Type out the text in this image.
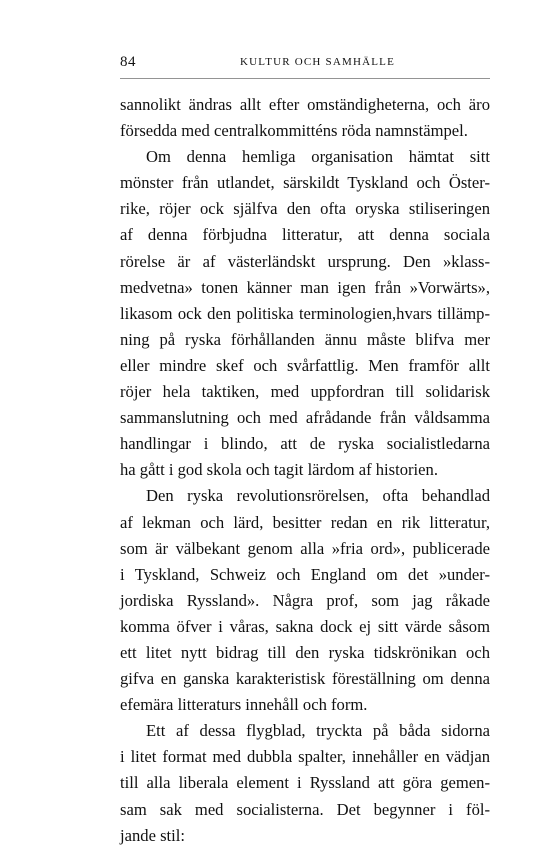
84	KULTUR OCH SAMHÄLLE
sannolikt ändras allt efter omständigheterna, och äro
försedda med centralkommitténs röda namnstämpel.
Om denna hemliga organisation hämtat sitt
mönster från utlandet, särskildt Tyskland och Öster-
rike, röjer ock själfva den ofta oryska stiliseringen
af denna förbjudna litteratur, att denna sociala
rörelse är af västerländskt ursprung. Den »klass-
medvetna» tonen känner man igen från »Vorwärts»,
likasom ock den politiska terminologien,hvars tillämp-
ning på ryska förhållanden ännu måste blifva mer
eller mindre skef och svårfattlig. Men framför allt
röjer hela taktiken, med uppfordran till solidarisk
sammanslutning och med afrådande från våldsamma
handlingar i blindo, att de ryska socialistledarna
ha gått i god skola och tagit lärdom af historien.
Den ryska revolutionsrörelsen, ofta behandlad
af lekman och lärd, besitter redan en rik litteratur,
som är välbekant genom alla »fria ord», publicerade
i Tyskland, Schweiz och England om det »under-
jordiska Ryssland». Några prof, som jag råkade
komma öfver i våras, sakna dock ej sitt värde såsom
ett litet nytt bidrag till den ryska tidskrönikan och
gifva en ganska karakteristisk föreställning om denna
efemära litteraturs innehåll och form.
Ett af dessa flygblad, tryckta på båda sidorna
i litet format med dubbla spalter, innehåller en vädjan
till alla liberala element i Ryssland att göra gemen-
sam sak med socialisterna. Det begynner i föl-
jande stil:
